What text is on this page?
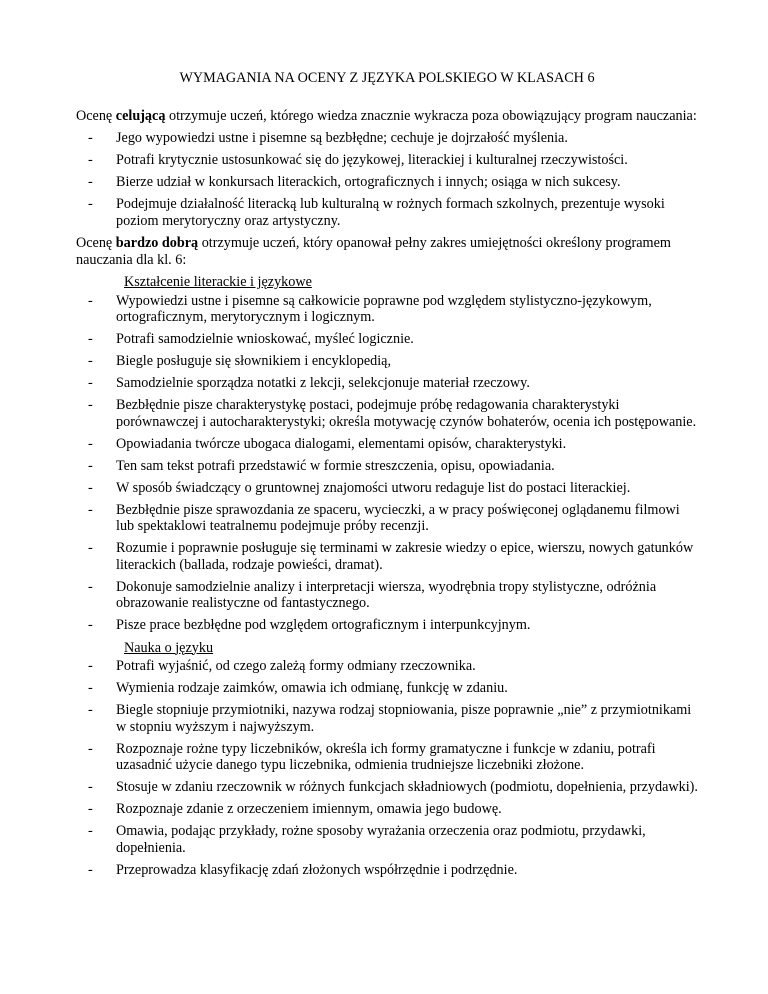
WYMAGANIA NA OCENY Z JĘZYKA POLSKIEGO W KLASACH 6

Ocenę celującą otrzymuje uczeń, którego wiedza znacznie wykracza poza obowiązujący program nauczania:

- Jego wypowiedzi ustne i pisemne są bezbłędne; cechuje je dojrzałość myślenia.
- Potrafi krytycznie ustosunkować się do językowej, literackiej i kulturalnej rzeczywistości.
- Bierze udział w konkursach literackich, ortograficznych i innych; osiąga w nich sukcesy.
- Podejmuje działalność literacką lub kulturalną w rożnych formach szkolnych, prezentuje wysoki poziom merytoryczny oraz artystyczny.

Ocenę bardzo dobrą otrzymuje uczeń, który opanował pełny zakres umiejętności określony programem nauczania dla kl. 6:

Kształcenie literackie i językowe
- Wypowiedzi ustne i pisemne są całkowicie poprawne pod względem stylistyczno-językowym, ortograficznym, merytorycznym i logicznym.
- Potrafi samodzielnie wnioskować, myśleć logicznie.
- Biegle posługuje się słownikiem i encyklopedią,
- Samodzielnie sporządza notatki z lekcji, selekcjonuje materiał rzeczowy.
- Bezbłędnie pisze charakterystykę postaci, podejmuje próbę redagowania charakterystyki porównawczej i autocharakterystyki; określa motywację czynów bohaterów, ocenia ich postępowanie.
- Opowiadania twórcze ubogaca dialogami, elementami opisów, charakterystyki.
- Ten sam tekst potrafi przedstawić w formie streszczenia, opisu, opowiadania.
- W sposób świadczący o gruntownej znajomości utworu redaguje list do postaci literackiej.
- Bezbłędnie pisze sprawozdania ze spaceru, wycieczki, a w pracy poświęconej oglądanemu filmowi lub spektaklowi teatralnemu podejmuje próby recenzji.
- Rozumie i poprawnie posługuje się terminami w zakresie wiedzy o epice, wierszu, nowych gatunków literackich (ballada, rodzaje powieści, dramat).
- Dokonuje samodzielnie analizy i interpretacji wiersza, wyodrębnia tropy stylistyczne, odróżnia obrazowanie realistyczne od fantastycznego.
- Pisze prace bezbłędne pod względem ortograficznym i interpunkcyjnym.
Nauka o języku
- Potrafi wyjaśnić, od czego zależą formy odmiany rzeczownika.
- Wymienia rodzaje zaimków, omawia ich odmianę, funkcję w zdaniu.
- Biegle stopniuje przymiotniki, nazywa rodzaj stopniowania, pisze poprawnie „nie” z przymiotnikami w stopniu wyższym i najwyższym.
- Rozpoznaje rożne typy liczebników, określa ich formy gramatyczne i funkcje w zdaniu, potrafi uzasadnić użycie danego typu liczebnika, odmienia trudniejsze liczebniki złożone.
- Stosuje w zdaniu rzeczownik w różnych funkcjach składniowych (podmiotu, dopełnienia, przydawki).
- Rozpoznaje zdanie z orzeczeniem imiennym, omawia jego budowę.
- Omawia, podając przykłady, rożne sposoby wyrażania orzeczenia oraz podmiotu, przydawki, dopełnienia.
- Przeprowadza klasyfikację zdań złożonych współrzędnie i podrzędnie.
